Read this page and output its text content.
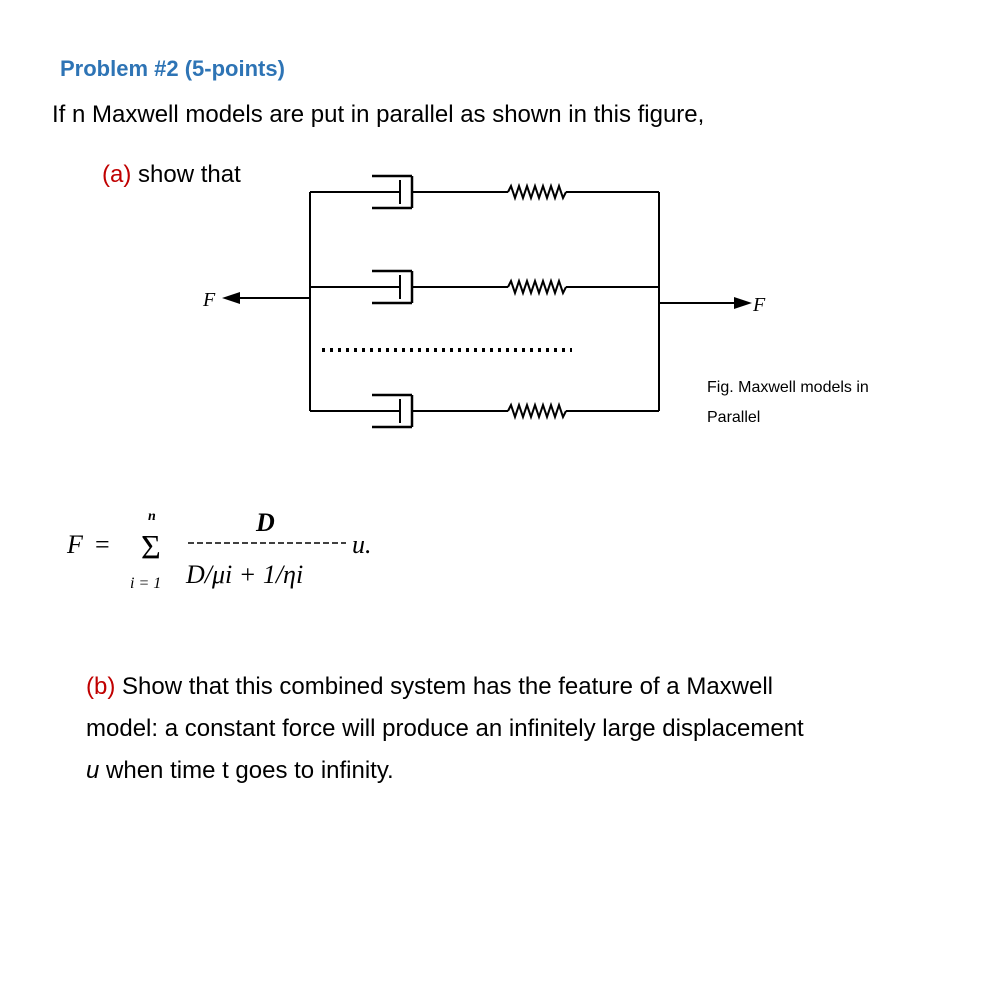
Problem #2 (5-points)
If n Maxwell models are put in parallel as shown in this figure,
(a) show that
F	F
F =
n
Σ
i = 1
D
D/μi + 1/ηi
u.
Fig. Maxwell models in
Parallel
(b) Show that this combined system has the feature of a Maxwell
model: a constant force will produce an infinitely large displacement
u when time t goes to infinity.
